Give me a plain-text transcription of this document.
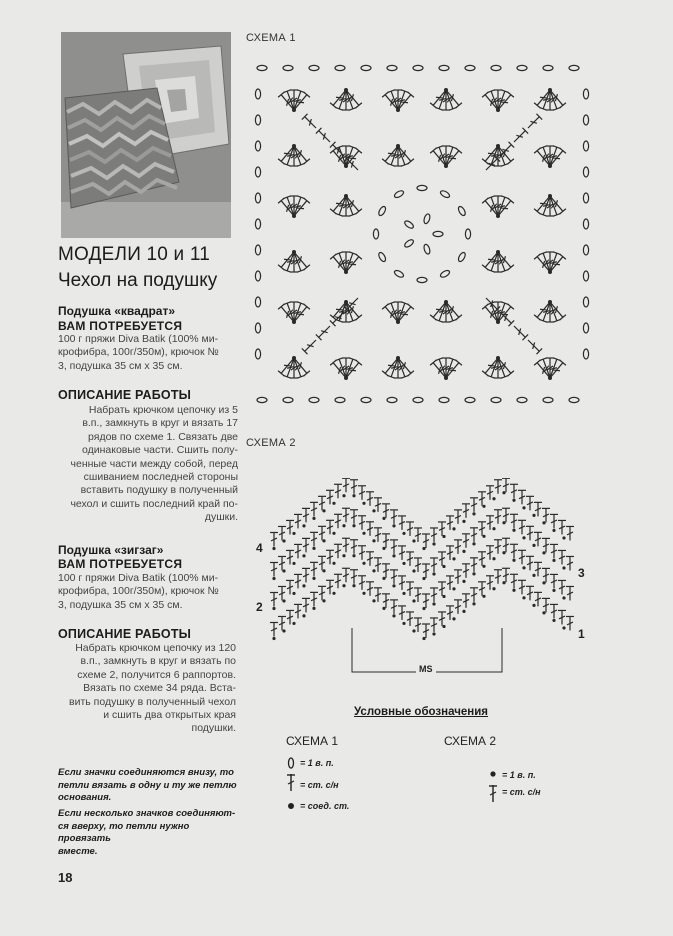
МОДЕЛИ 10 и 11
Чехол на подушку
Подушка «квадрат»
ВАМ ПОТРЕБУЕТСЯ
100 г пряжи Diva Batik (100% ми-
крофибра, 100г/350м), крючок №
3, подушка 35 см х 35 см.
ОПИСАНИЕ РАБОТЫ
Набрать крючком цепочку из 5
в.п., замкнуть в круг и вязать 17
рядов по схеме 1. Связать две
одинаковые части. Сшить полу-
ченные части между собой, перед
сшиванием последней стороны
вставить подушку в полученный
чехол и сшить последний край по-
душки.
Подушка «зигзаг»
ВАМ ПОТРЕБУЕТСЯ
100 г пряжи Diva Batik (100% ми-
крофибра, 100г/350м), крючок №
3, подушка 35 см х 35 см.
ОПИСАНИЕ РАБОТЫ
Набрать крючком цепочку из 120
в.п., замкнуть в круг и вязать по
схеме 2, получится 6 раппортов.
Вязать по схеме 34 ряда. Вста-
вить подушку в полученный чехол
и сшить два открытых края подушки.
Если значки соединяются внизу, то
петли вязать в одну и ту же петлю
основания.
Если несколько значков соединяют-
ся вверху, то петли нужно провязать
вместе.
СХЕМА 1
СХЕМА 2
4
3
2
1
MS
Условные обозначения
СХЕМА 1
= 1 в. п.
= ст. с/н
= соед. ст.
СХЕМА 2
= 1 в. п.
= ст. с/н
18
